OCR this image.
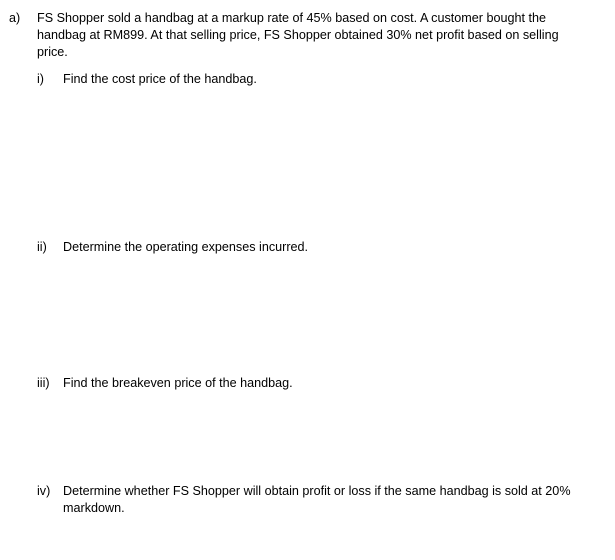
a)	FS Shopper sold a handbag at a markup rate of 45% based on cost. A customer bought the handbag at RM899. At that selling price, FS Shopper obtained 30% net profit based on selling price.
i)	Find the cost price of the handbag.
ii)	Determine the operating expenses incurred.
iii)	Find the breakeven price of the handbag.
iv)	Determine whether FS Shopper will obtain profit or loss if the same handbag is sold at 20% markdown.
